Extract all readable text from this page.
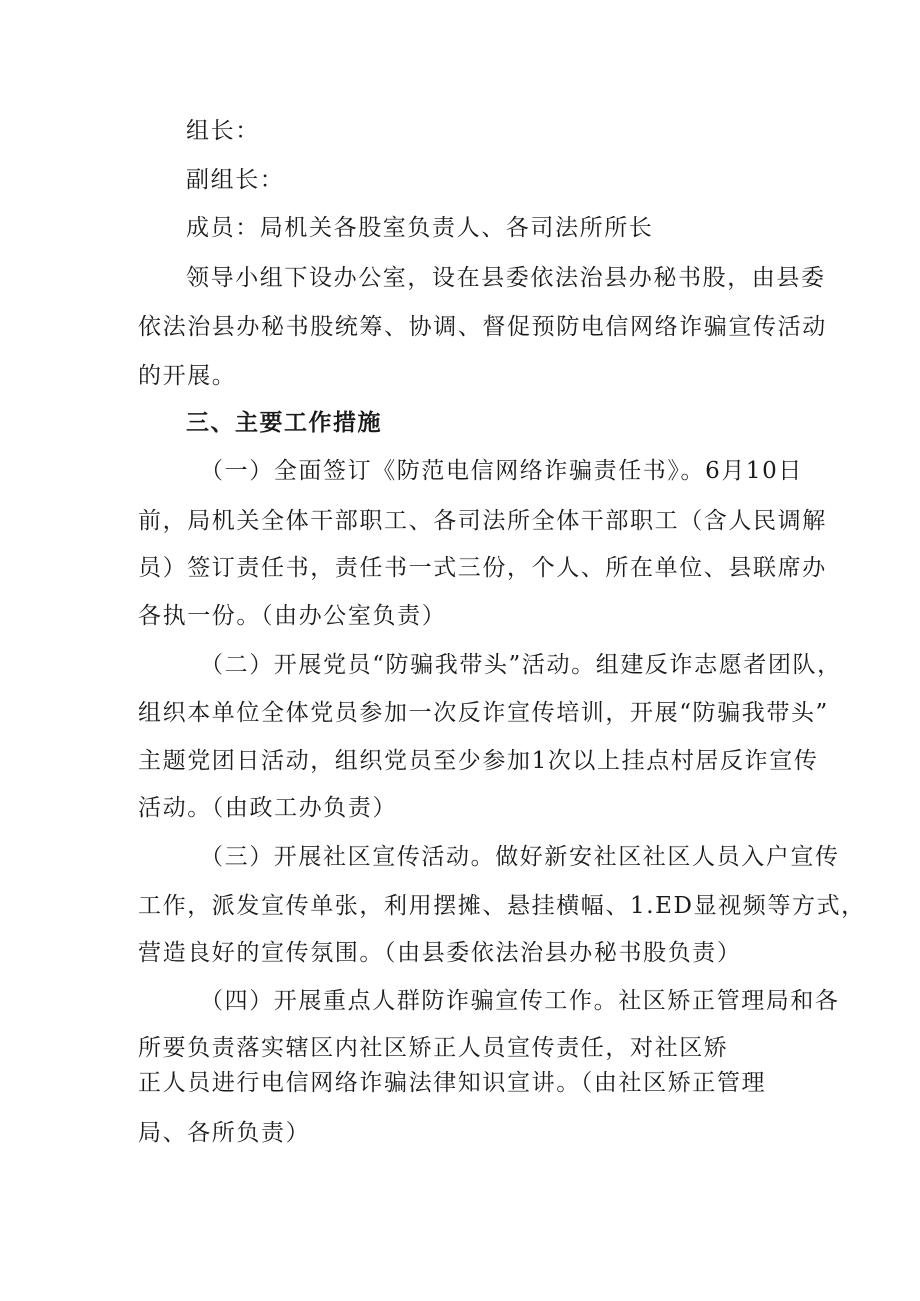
组长：
副组长：
成员：局机关各股室负责人、各司法所所长
领导小组下设办公室，设在县委依法治县办秘书股，由县委
依法治县办秘书股统筹、协调、督促预防电信网络诈骗宣传活动
的开展。
三、主要工作措施
（一）全面签订《防范电信网络诈骗责任书》。6月10日
前，局机关全体干部职工、各司法所全体干部职工（含人民调解
员）签订责任书，责任书一式三份，个人、所在单位、县联席办
各执一份。（由办公室负责）
（二）开展党员“防骗我带头”活动。组建反诈志愿者团队，
组织本单位全体党员参加一次反诈宣传培训，开展“防骗我带头”
主题党团日活动，组织党员至少参加1次以上挂点村居反诈宣传
活动。（由政工办负责）
（三）开展社区宣传活动。做好新安社区社区人员入户宣传
工作，派发宣传单张，利用摆摊、悬挂横幅、1.ED显视频等方式，
营造良好的宣传氛围。（由县委依法治县办秘书股负责）
（四）开展重点人群防诈骗宣传工作。社区矫正管理局和各
所要负责落实辖区内社区矫正人员宣传责任，对社区矫
正人员进行电信网络诈骗法律知识宣讲。（由社区矫正管理
局、各所负责）
